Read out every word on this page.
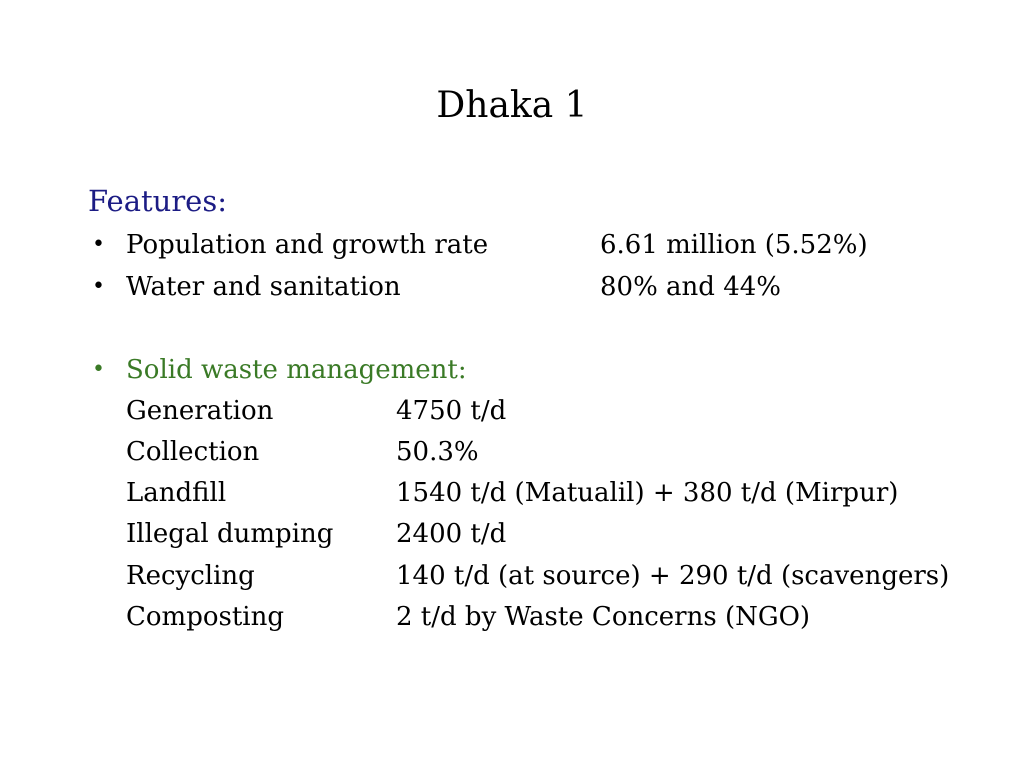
Dhaka 1
Features:
• Population and growth rate	6.61 million (5.52%)
• Water and sanitation	80% and 44%
• Solid waste management:
Generation	4750 t/d
Collection	50.3%
Landfill	1540 t/d (Matualil) + 380 t/d (Mirpur)
Illegal dumping 2400 t/d
Recycling	140 t/d (at source) + 290 t/d (scavengers)
Composting	2 t/d by Waste Concerns (NGO)
